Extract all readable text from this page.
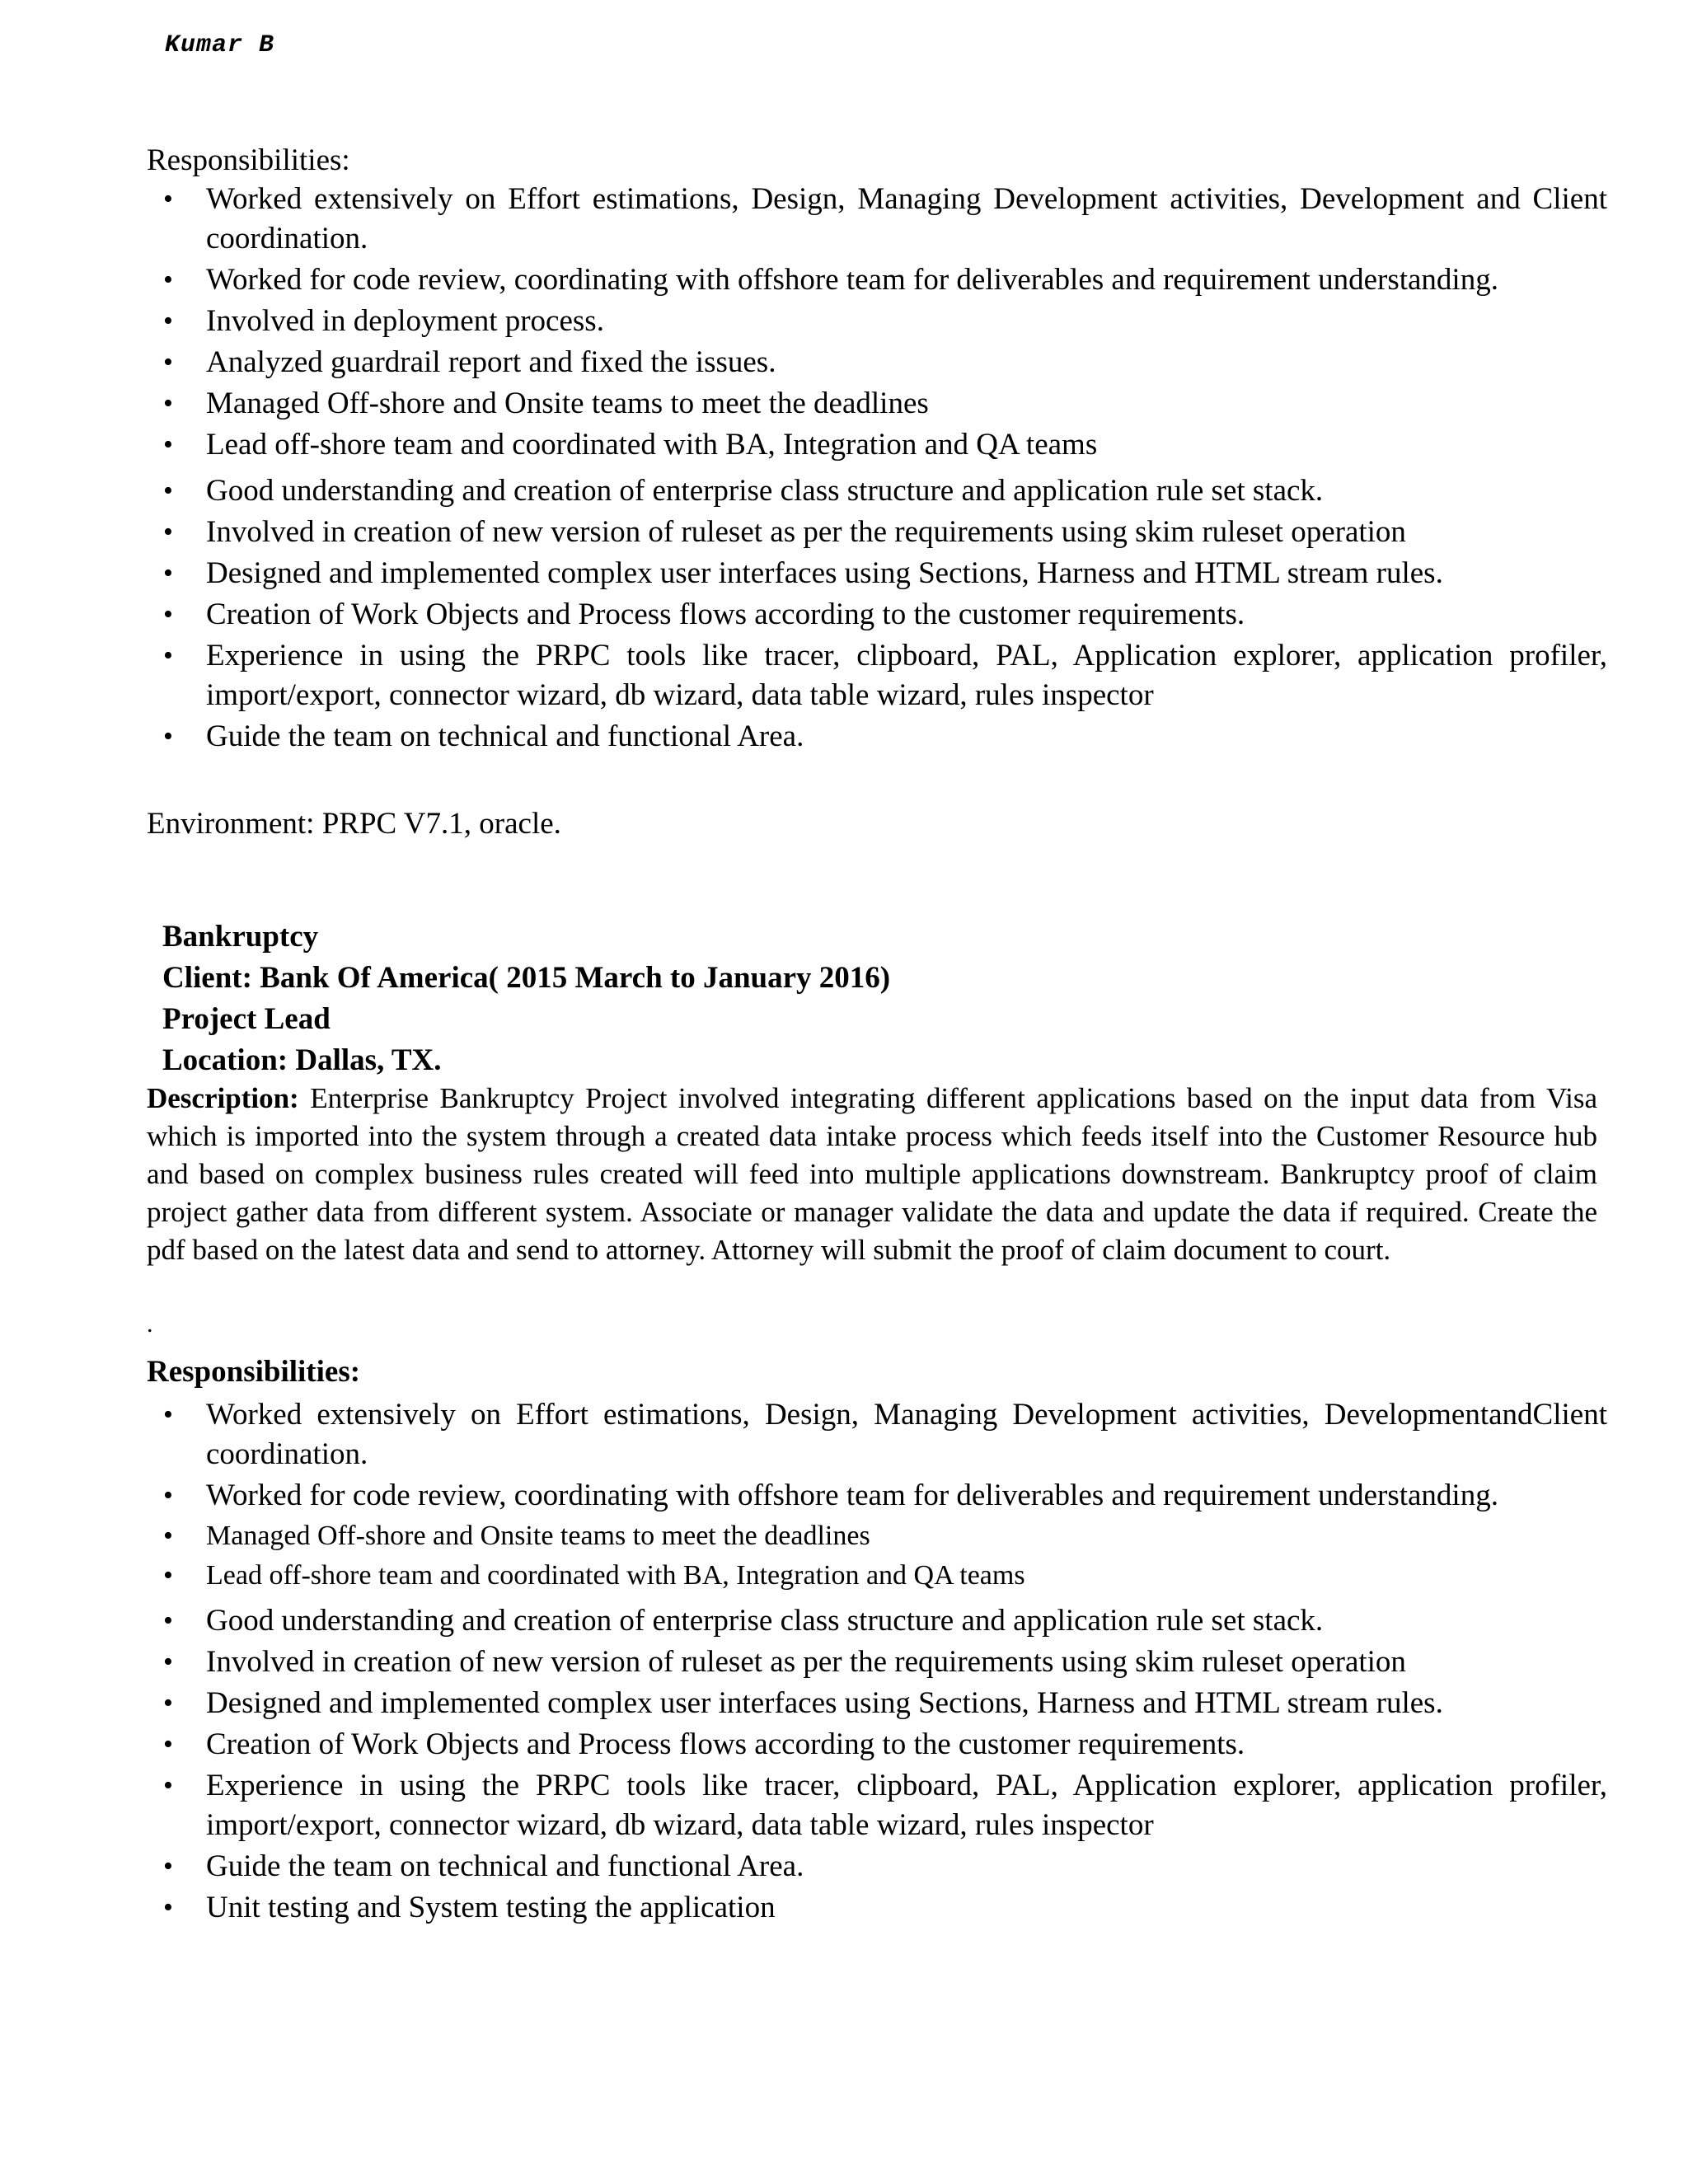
Kumar B
Responsibilities:
• Worked extensively on Effort estimations, Design, Managing Development activities, Development and Client coordination.
• Worked for code review, coordinating with offshore team for deliverables and requirement understanding.
• Involved in deployment process.
• Analyzed guardrail report and fixed the issues.
• Managed Off-shore and Onsite teams to meet the deadlines
• Lead off-shore team and coordinated with BA, Integration and QA teams
• Good understanding and creation of enterprise class structure and application rule set stack.
• Involved in creation of new version of ruleset as per the requirements using skim ruleset operation
• Designed and implemented complex user interfaces using Sections, Harness and HTML stream rules.
• Creation of Work Objects and Process flows according to the customer requirements.
• Experience in using the PRPC tools like tracer, clipboard, PAL, Application explorer, application profiler, import/export, connector wizard, db wizard, data table wizard, rules inspector
• Guide the team on technical and functional Area.
Environment: PRPC V7.1, oracle.
Bankruptcy
Client: Bank Of America( 2015 March to January 2016)
Project Lead
Location: Dallas, TX.
Description: Enterprise Bankruptcy Project involved integrating different applications based on the input data from Visa which is imported into the system through a created data intake process which feeds itself into the Customer Resource hub and based on complex business rules created will feed into multiple applications downstream. Bankruptcy proof of claim project gather data from different system. Associate or manager validate the data and update the data if required. Create the pdf based on the latest data and send to attorney. Attorney will submit the proof of claim document to court.
.
Responsibilities:
• Worked extensively on Effort estimations, Design, Managing Development activities, DevelopmentandClient coordination.
• Worked for code review, coordinating with offshore team for deliverables and requirement understanding.
• Managed Off-shore and Onsite teams to meet the deadlines
• Lead off-shore team and coordinated with BA, Integration and QA teams
• Good understanding and creation of enterprise class structure and application rule set stack.
• Involved in creation of new version of ruleset as per the requirements using skim ruleset operation
• Designed and implemented complex user interfaces using Sections, Harness and HTML stream rules.
• Creation of Work Objects and Process flows according to the customer requirements.
• Experience in using the PRPC tools like tracer, clipboard, PAL, Application explorer, application profiler, import/export, connector wizard, db wizard, data table wizard, rules inspector
• Guide the team on technical and functional Area.
• Unit testing and System testing the application
